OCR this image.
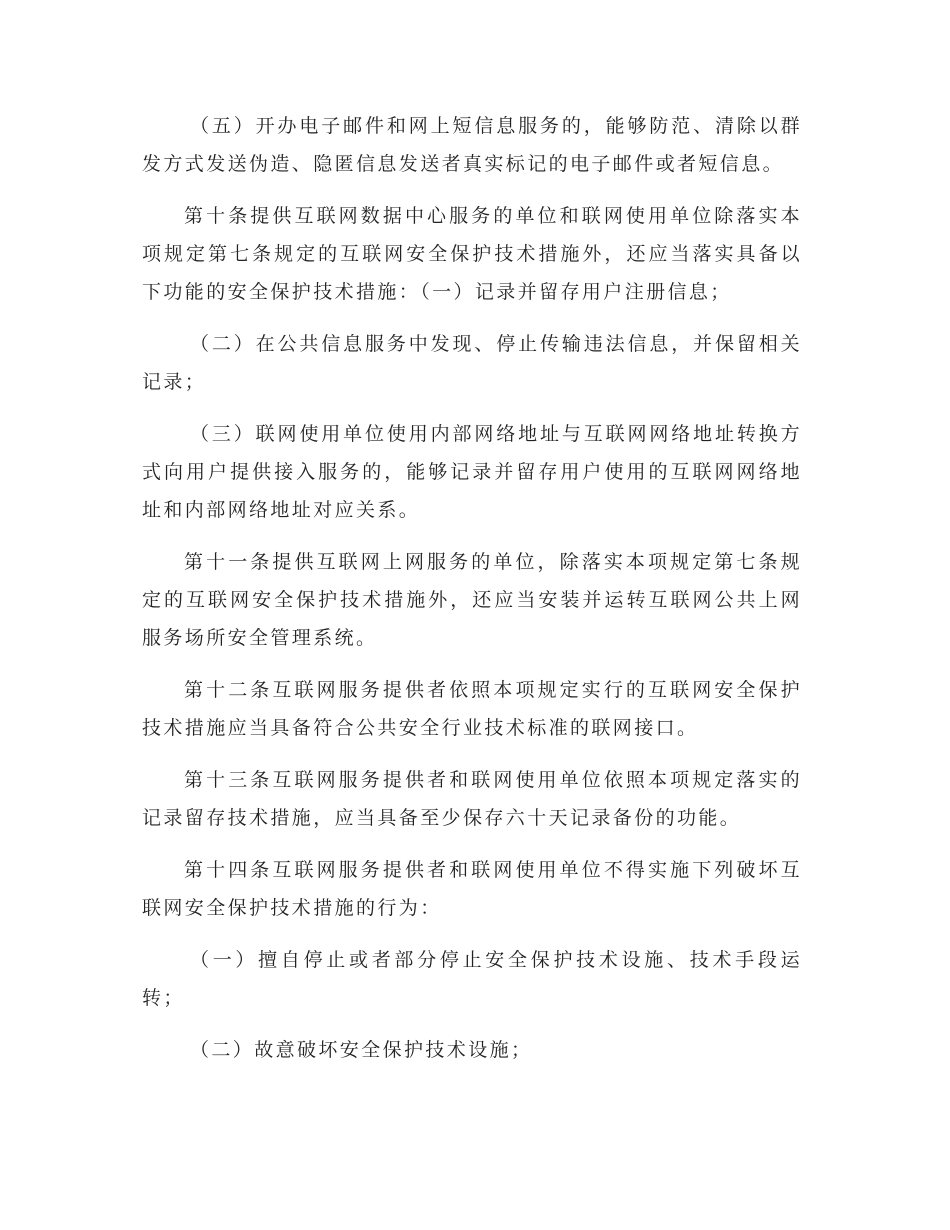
（五）开办电子邮件和网上短信息服务的，能够防范、清除以群发方式发送伪造、隐匿信息发送者真实标记的电子邮件或者短信息。

第十条提供互联网数据中心服务的单位和联网使用单位除落实本项规定第七条规定的互联网安全保护技术措施外，还应当落实具备以下功能的安全保护技术措施：（一）记录并留存用户注册信息；

（二）在公共信息服务中发现、停止传输违法信息，并保留相关记录；

（三）联网使用单位使用内部网络地址与互联网网络地址转换方式向用户提供接入服务的，能够记录并留存用户使用的互联网网络地址和内部网络地址对应关系。

第十一条提供互联网上网服务的单位，除落实本项规定第七条规定的互联网安全保护技术措施外，还应当安装并运转互联网公共上网服务场所安全管理系统。

第十二条互联网服务提供者依照本项规定实行的互联网安全保护技术措施应当具备符合公共安全行业技术标准的联网接口。

第十三条互联网服务提供者和联网使用单位依照本项规定落实的记录留存技术措施，应当具备至少保存六十天记录备份的功能。

第十四条互联网服务提供者和联网使用单位不得实施下列破坏互联网安全保护技术措施的行为：

（一）擅自停止或者部分停止安全保护技术设施、技术手段运转；

（二）故意破坏安全保护技术设施；
